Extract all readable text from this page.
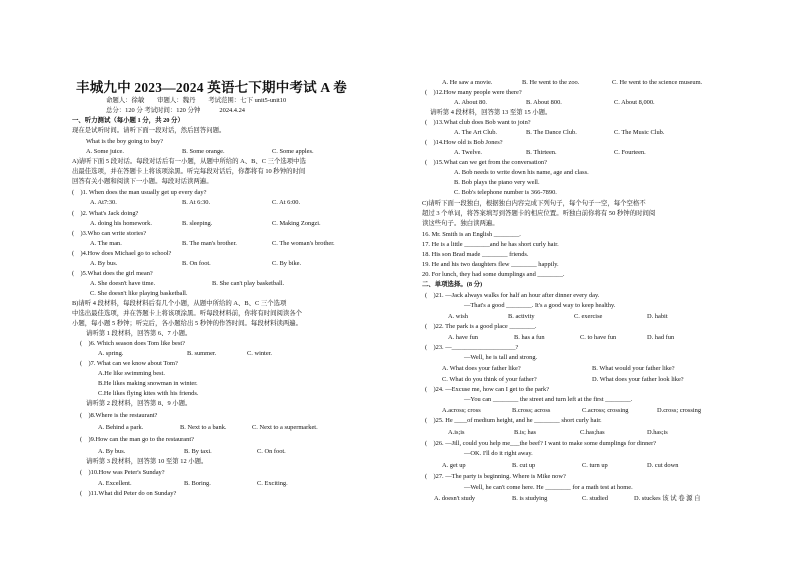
丰城九中 2023—2024 英语七下期中考试 A 卷
命题人：徐敏　　审题人：魏丹　　考试范围：七下 unit5-unit10
总分：120 分 考试时间：120 分钟　　　2024.4.24
一、听力测试（每小题 1 分，共 20 分）
现在是试听时间。请听下面一段对话，然后回答问题。
What is the boy going to buy?
A. Some juice.	B. Some orange.	C. Some apples.
A)请听下面 5 段对话。每段对话后有一小题，从题中所给的 A、B、C 三个选项中选
出最佳选项，并在答题卡上将该项涂黑。听完每段对话后，你都将有 10 秒钟的时间
回答有关小题和阅读下一小题。每段对话读两遍。
(　)1. When does the man usually get up every day?
A. At7:30.	B. At 6:30.	C. At 6:00.
(　)2. What's Jack doing?
A. doing his homework.	B. sleeping.	C. Making Zongzi.
(　)3.Who can write stories?
A. The man.	B. The man's brother.	C. The woman's brother.
(　)4.How does Michael go to school?
A. By bus.	B. On foot.	C. By bike.
(　)5.What does the girl mean?
A. She doesn't have time.	B. She can't play basketball.
C. She doesn't like playing basketball.
B)请听 4 段材料，每段材料后有几个小题，从题中所给的 A、B、C 三个选项
中选出最佳选项，并在答题卡上将该项涂黑。听每段材料前，你将有时间阅读各个
小题，每小题 5 秒钟；听完后，各小题给出 5 秒钟的作答时间。每段材料读两遍。
请听第 1 段材料，回答第 6、7 小题。
(　)6. Which season does Tom like best?
A. spring.	B. summer.	C. winter.
(　)7. What can we know about Tom?
A.He like swimming best.
B.He likes making snowman in winter.
C.He likes flying kites with his friends.
请听第 2 段材料，回答第 8、9 小题。
(　)8.Where is the restaurant?
A. Behind a park.	B. Next to a bank.	C. Next to a supermarket.
(　)9.How can the man go to the restaurant?
A. By bus.	B. By taxi.	C. On foot.
请听第 3 段材料，回答第 10 至第 12 小题。
(　)10.How was Peter's Sunday?
A. Excellent.	B. Boring.	C. Exciting.
(　)11.What did Peter do on Sunday?
A. He saw a movie.	B. He went to the zoo.	C. He went to the science museum.
(　)12.How many people were there?
A. About 80.	B. About 800.	C. About 8,000.
请听第 4 段材料，回答第 13 至第 15 小题。
(　)13.What club does Bob want to join?
A. The Art Club.	B. The Dance Club.	C. The Music Club.
(　)14.How old is Bob Jones?
A. Twelve.	B. Thirteen.	C. Fourteen.
(　)15.What can we get from the conversation?
A. Bob needs to write down his name, age and class.
B. Bob plays the piano very well.
C. Bob's telephone number is 366-7890.
C)请听下面一段独白，根据独白内容完成下列句子，每个句子一空，每个空格不
超过 3 个单词，将答案填写到答题卡的相应位置。听独白前你将有 50 秒钟的时间阅
读这些句子。独白读两遍。
16. Mr. Smith is an English ________.
17. He is a little ________and he has short curly hair.
18. His son Brad made ________ friends.
19. He and his two daughters flew ________ happily.
20. For lunch, they had some dumplings and ________.
二、单项选择。(8 分)
(　)21. —Jack always walks for half an hour after dinner every day.
—That's a good ________. It's a good way to keep healthy.
A. wish	B. activity	C. exercise	D. habit
(　)22. The park is a good place ________.
A. have fun	B. has a fun	C. to have fun	D. had fun
(　)23. —____________________?
—Well, he is tall and strong.
A. What does your father like?	B. What would your father like?
C. What do you think of your father?	D. What does your father look like?
(　)24. —Excuse me, how can I get to the park?
—You can ________ the street and turn left at the first ________.
A.across; cross	B.cross; across	C.across; crossing	D.cross; crossing
(　)25. He ____of medium height, and he ________ short curly hair.
A.is;is	B.is; has	C.has;has	D.has;is
(　)26. —Jill, could you help me___the beef? I want to make some dumplings for dinner?
—OK. I'll do it right away.
A. get up	B. cut up	C. turn up	D. cut down
(　)27. —The party is beginning. Where is Mike now?
—Well, he can't come here. He ________ for a math test at home.
A. doesn't study	B. is studying	C. studied	D. stuckes 该 试 卷 源 自
